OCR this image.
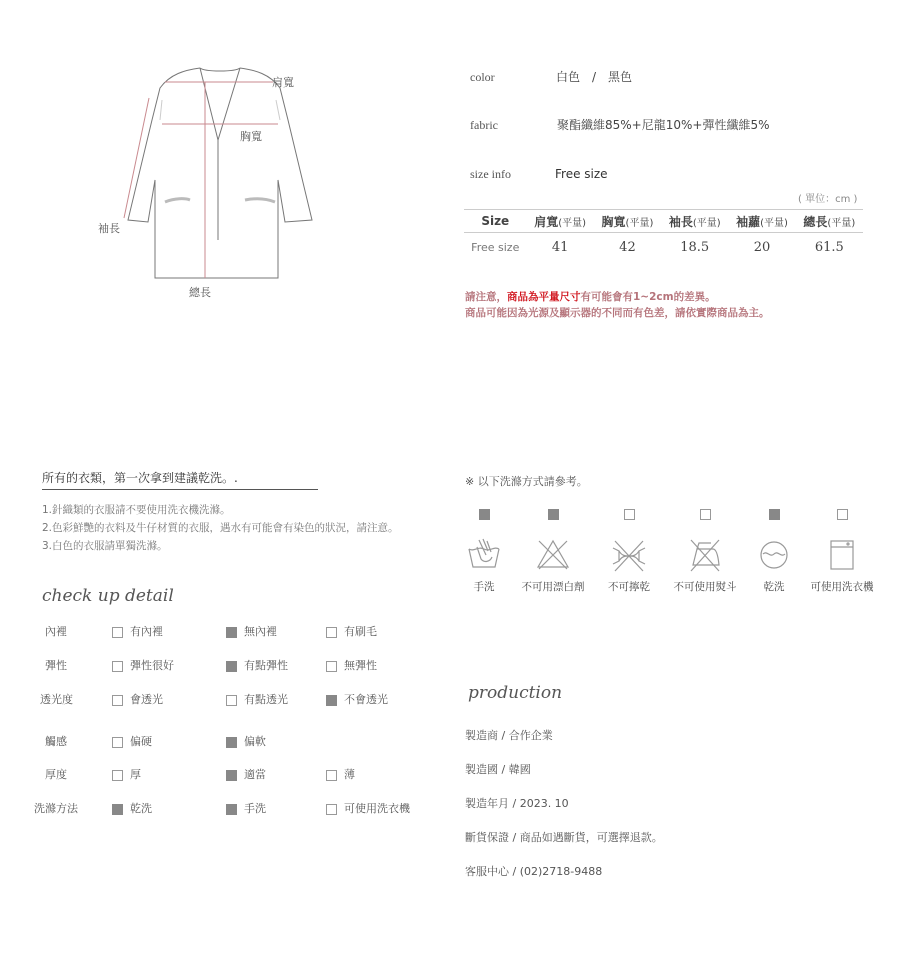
肩寬
胸寬
袖長
總長
color	白色　/　黑色
fabric	聚酯纖維85%+尼龍10%+彈性纖維5%
size info	Free size
( 單位：cm )
Size	肩寬(平量)	胸寬(平量)	袖長(平量)	袖蘿(平量)	總長(平量)
Free size	41	42	18.5	20	61.5
請注意，商品為平量尺寸有可能會有1~2cm的差異。
商品可能因為光源及顯示器的不同而有色差，請依實際商品為主。
所有的衣類，第一次拿到建議乾洗。.
1.針織類的衣服請不要使用洗衣機洗滌。
2.色彩鮮艷的衣料及牛仔材質的衣服，遇水有可能會有染色的狀況，請注意。
3.白色的衣服請單獨洗滌。
check up detail
內裡	有內裡	無內裡	有刷毛
彈性	彈性很好	有點彈性	無彈性
透光度	會透光	有點透光	不會透光
觸感	偏硬	偏軟
厚度	厚	適當	薄
洗滌方法	乾洗	手洗	可使用洗衣機
※ 以下洗滌方式請參考。
手洗	不可用漂白劑	不可擰乾	不可使用熨斗	乾洗	可使用洗衣機
production
製造商 / 合作企業
製造國 / 韓國
製造年月 / 2023. 10
斷貨保證 / 商品如遇斷貨，可選擇退款。
客服中心 / (02)2718-9488
